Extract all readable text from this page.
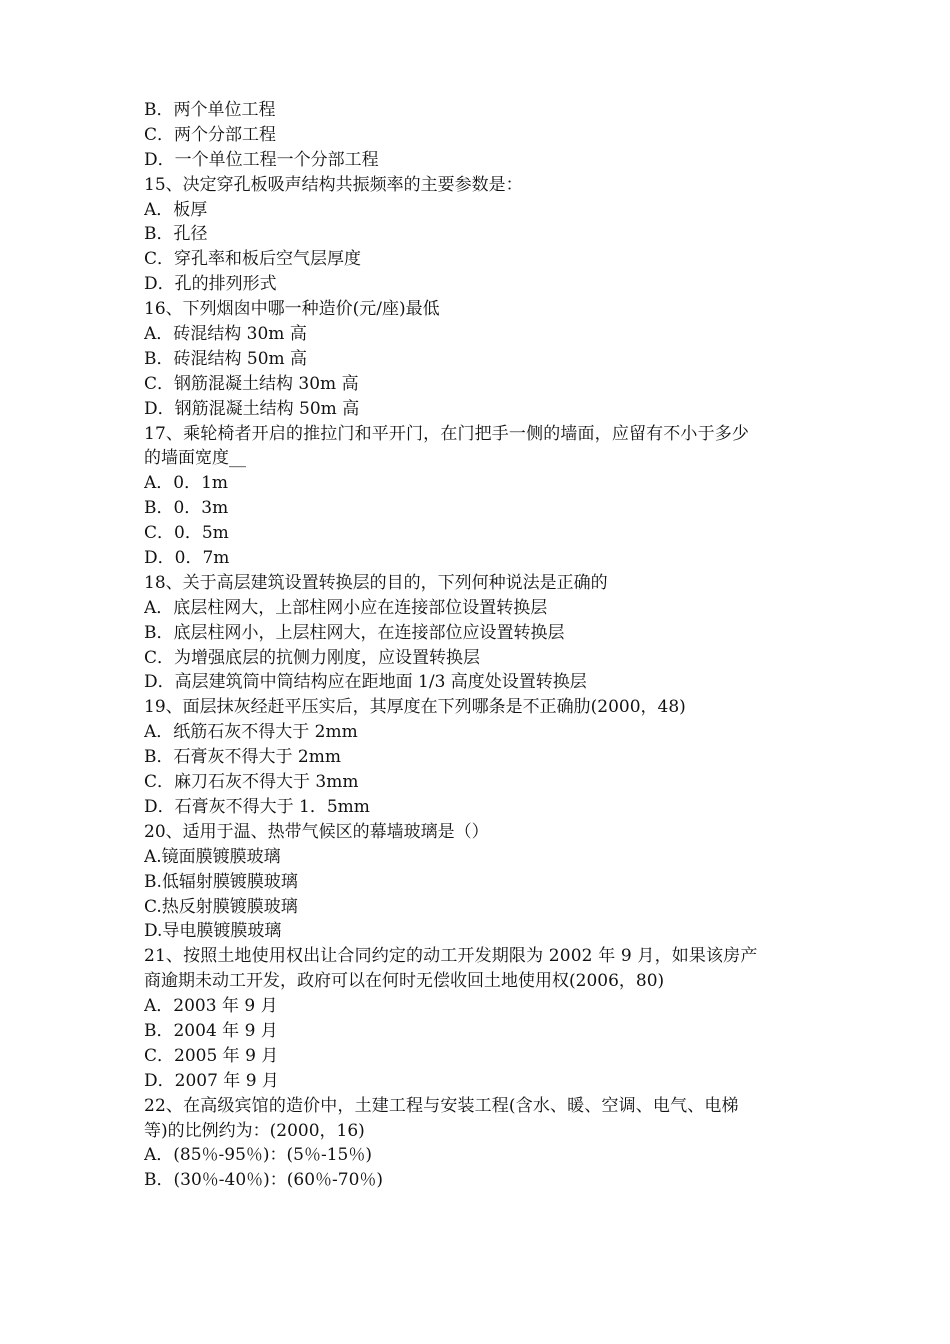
B．两个单位工程
C．两个分部工程
D．一个单位工程一个分部工程
15、决定穿孔板吸声结构共振频率的主要参数是：
A．板厚
B．孔径
C．穿孔率和板后空气层厚度
D．孔的排列形式
16、下列烟囱中哪一种造价(元/座)最低
A．砖混结构 30m 高
B．砖混结构 50m 高
C．钢筋混凝土结构 30m 高
D．钢筋混凝土结构 50m 高
17、乘轮椅者开启的推拉门和平开门，在门把手一侧的墙面，应留有不小于多少
的墙面宽度__
A．0．1m
B．0．3m
C．0．5m
D．0．7m
18、关于高层建筑设置转换层的目的，下列何种说法是正确的
A．底层柱网大，上部柱网小应在连接部位设置转换层
B．底层柱网小，上层柱网大，在连接部位应设置转换层
C．为增强底层的抗侧力刚度，应设置转换层
D．高层建筑筒中筒结构应在距地面 1/3 高度处设置转换层
19、面层抹灰经赶平压实后，其厚度在下列哪条是不正确肋(2000，48)
A．纸筋石灰不得大于 2mm
B．石膏灰不得大于 2mm
C．麻刀石灰不得大于 3mm
D．石膏灰不得大于 1．5mm
20、适用于温、热带气候区的幕墙玻璃是（）
A.镜面膜镀膜玻璃
B.低辐射膜镀膜玻璃
C.热反射膜镀膜玻璃
D.导电膜镀膜玻璃
21、按照土地使用权出让合同约定的动工开发期限为 2002 年 9 月，如果该房产
商逾期未动工开发，政府可以在何时无偿收回土地使用权(2006，80)
A．2003 年 9 月
B．2004 年 9 月
C．2005 年 9 月
D．2007 年 9 月
22、在高级宾馆的造价中，土建工程与安装工程(含水、暖、空调、电气、电梯
等)的比例约为：(2000，16)
A．(85％-95％)：(5％-15％)
B．(30％-40％)：(60％-70％)
